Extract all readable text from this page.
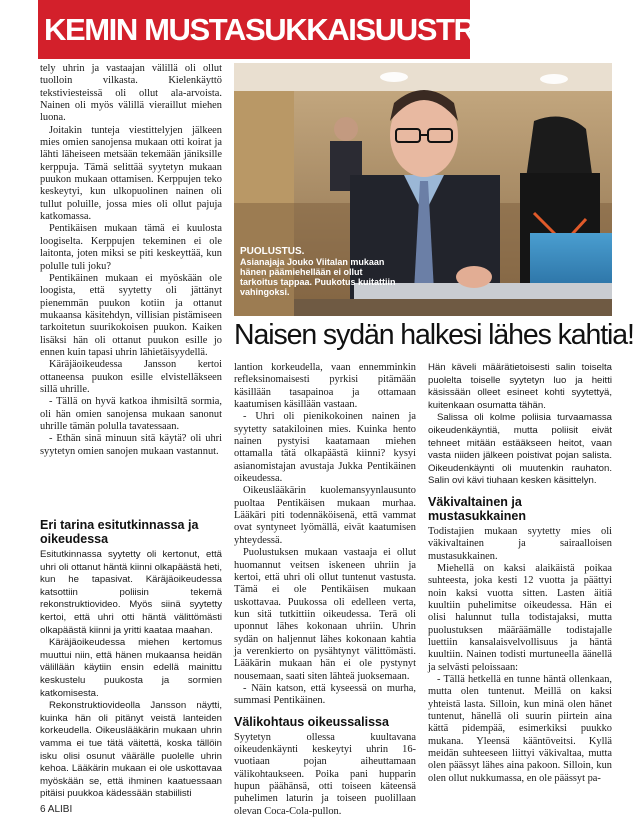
KEMIN MUSTASUKKAISUUSTRAGEDIA

tely uhrin ja vastaajan välillä oli ollut tuolloin vilkasta. Kielenkäyttö tekstiviesteissä oli ollut ala-arvoista. Nainen oli myös välillä vieraillut miehen luona.

Joitakin tunteja viestittelyjen jälkeen mies omien sanojensa mukaan otti koirat ja lähti läheiseen metsään tekemään jäniksille kerppuja. Tämä selittää syytetyn mukaan puukon mukaan ottamisen. Kerppujen teko keskeytyi, kun ulkopuolinen nainen oli tullut poluille, jossa mies oli ollut pajuja katkomassa.

Pentikäisen mukaan tämä ei kuulosta loogiselta. Kerppujen tekeminen ei ole laitonta, joten miksi se piti keskeyttää, kun polulle tuli joku?

Pentikäinen mukaan ei myöskään ole loogista, että syytetty oli jättänyt pienemmän puukon kotiin ja ottanut mukaansa käsitehdyn, villisian pistämiseen tarkoitetun suurikokoisen puukon. Kaiken lisäksi hän oli ottanut puukon esille jo ennen kuin tapasi uhrin lähietäisyydellä.

Käräjäoikeudessa Jansson kertoi ottaneensa puukon esille elvistelläkseen sillä uhrille.

- Tällä on hyvä katkoa ihmisiltä sormia, oli hän omien sanojensa mukaan sanonut uhrille tämän polulla tavatessaan.

- Ethän sinä minuun sitä käytä? oli uhri syytetyn omien sanojen mukaan vastannut.

Eri tarina esitutkinnassa ja oikeudessa

Esitutkinnassa syytetty oli kertonut, että uhri oli ottanut häntä kiinni olkapäästä heti, kun he tapasivat. Käräjäoikeudessa katsottiin poliisin tekemä rekonstruktiovideo. Myös siinä syytetty kertoi, että uhri otti häntä välittömästi olkapäästä kiinni ja yritti kaataa maahan.

Käräjäoikeudessa miehen kertomus muuttui niin, että hänen mukaansa heidän välillään käytiin ensin edellä mainittu keskustelu puukosta ja sormien katkomisesta.

Rekonstruktiovideolla Jansson näytti, kuinka hän oli pitänyt veistä lanteiden korkeudella. Oikeuslääkärin mukaan uhrin vamma ei tue tätä väitettä, koska tällöin isku olisi osunut väärälle puolelle uhrin kehoa. Lääkärin mukaan ei ole uskottavaa myöskään se, että ihminen kaatuessaan pitäisi puukkoa kädessään stabiilisti

PUOLUSTUS.
Asianajaja Jouko Viitalan mukaan hänen päämiehellään ei ollut tarkoitus tappaa. Puukotus kuitattiin vahingoksi.
Naisen sydän halkesi lähes kahtia!

lantion korkeudella, vaan ennemminkin refleksinomaisesti pyrkisi pitämään käsillään tasapainoa ja ottamaan kaatumisen käsillään vastaan.

- Uhri oli pienikokoinen nainen ja syytetty satakiloinen mies. Kuinka hento nainen pystyisi kaatamaan miehen ottamalla tätä olkapäästä kiinni? kysyi asianomistajan avustaja Jukka Pentikäinen oikeudessa.

Oikeuslääkärin kuolemansyynlausunto puoltaa Pentikäisen mukaan murhaa. Lääkäri piti todennäköisenä, että vammat ovat syntyneet lyömällä, eivät kaatumisen yhteydessä.

Puolustuksen mukaan vastaaja ei ollut huomannut veitsen iskeneen uhriin ja kertoi, että uhri oli ollut tuntenut vastusta. Tämä ei ole Pentikäisen mukaan uskottavaa. Puukossa oli edelleen verta, kun sitä tutkittiin oikeudessa. Terä oli uponnut lähes kokonaan uhriin. Uhrin sydän on haljennut lähes kokonaan kahtia ja verenkierto on pysähtynyt välittömästi. Lääkärin mukaan hän ei ole pystynyt nousemaan, saati siten lähteä juoksemaan.

- Näin katson, että kyseessä on murha, summasi Pentikäinen.

Välikohtaus oikeussalissa

Syytetyn ollessa kuultavana oikeudenkäynti keskeytyi uhrin 16-vuotiaan pojan aiheuttamaan välikohtaukseen. Poika pani hupparin hupun päähänsä, otti toiseen käteensä puhelimen laturin ja toiseen puolillaan olevan Coca-Cola-pullon.

Hän käveli määrätietoisesti salin toiselta puolelta toiselle syytetyn luo ja heitti käsissään olleet esineet kohti syytettyä, kuitenkaan osumatta tähän.

Salissa oli kolme poliisia turvaamassa oikeudenkäyntiä, mutta poliisit eivät tehneet mitään estääkseen heitot, vaan vasta niiden jälkeen poistivat pojan salista. Oikeudenkäynti oli muutenkin rauhaton. Salin ovi kävi tiuhaan kesken käsittelyn.

Väkivaltainen ja mustasukkainen

Todistajien mukaan syytetty mies oli väkivaltainen ja sairaalloisen mustasukkainen.

Miehellä on kaksi alaikäistä poikaa suhteesta, joka kesti 12 vuotta ja päättyi noin kaksi vuotta sitten. Lasten äitiä kuultiin puhelimitse oikeudessa. Hän ei olisi halunnut tulla todistajaksi, mutta puolustuksen määräämälle todistajalle luettiin kansalaisvelvollisuus ja häntä kuultiin. Nainen todisti murtuneella äänellä ja selvästi peloissaan:

- Tällä hetkellä en tunne häntä ollenkaan, mutta olen tuntenut. Meillä on kaksi yhteistä lasta. Silloin, kun minä olen hänet tuntenut, hänellä oli suurin piirtein aina kättä pidempää, esimerkiksi puukko mukana. Yleensä kääntöveitsi. Kyllä meidän suhteeseen liittyi väkivaltaa, mutta olen päässyt lähes aina pakoon. Silloin, kun olen ollut nukkumassa, en ole päässyt pa-

6 ALIBI
